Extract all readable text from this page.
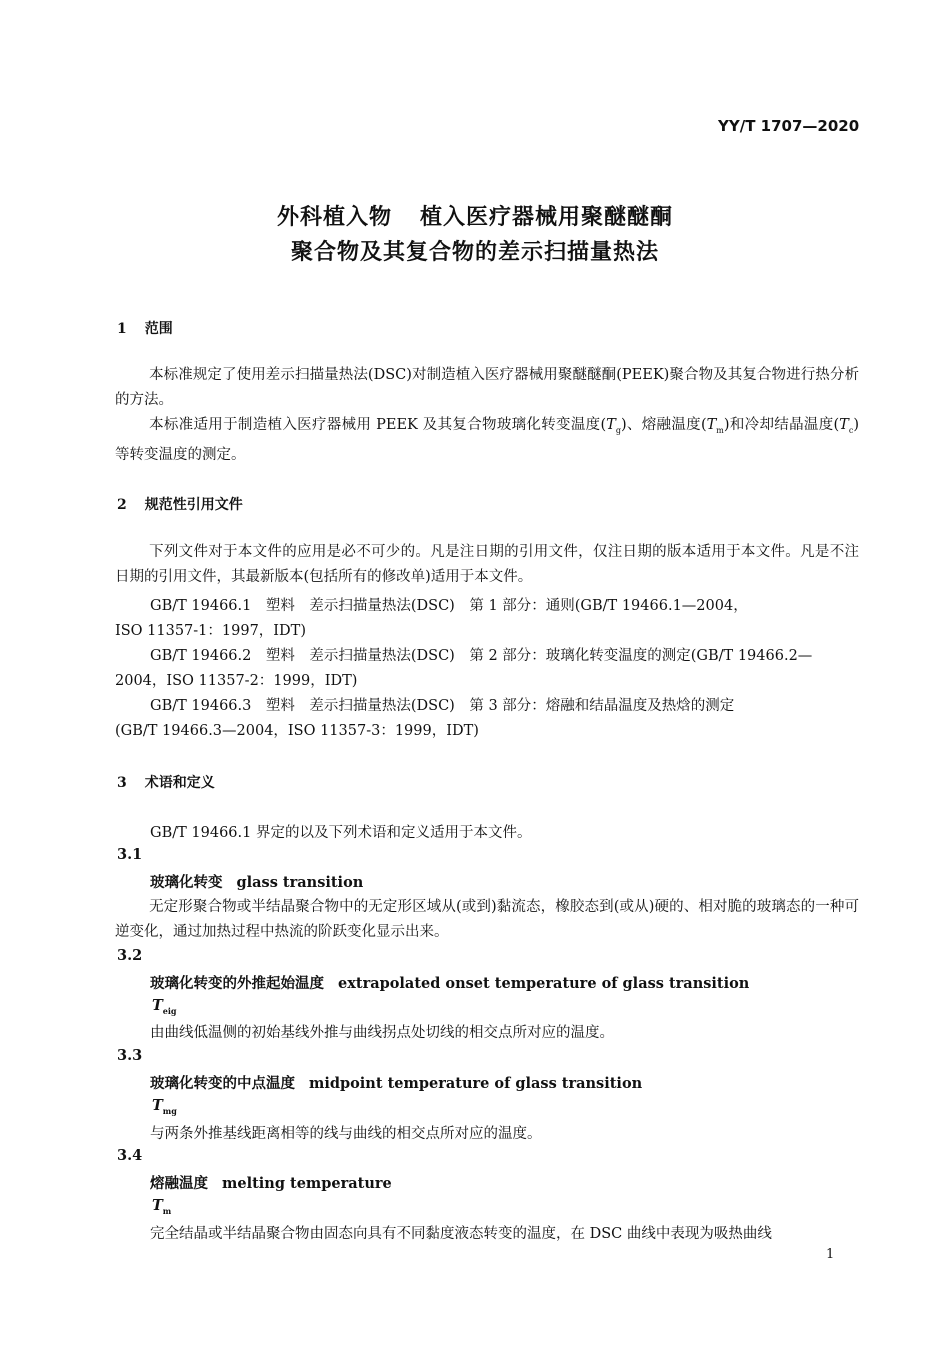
YY/T 1707—2020
外科植入物 植入医疗器械用聚醚醚酮
聚合物及其复合物的差示扫描量热法
1 范围
本标准规定了使用差示扫描量热法(DSC)对制造植入医疗器械用聚醚醚酮(PEEK)聚合物及其复合物进行热分析的方法。
本标准适用于制造植入医疗器械用 PEEK 及其复合物玻璃化转变温度$(T_g)$、熔融温度$(T_m)$和冷却结晶温度$(T_c)$等转变温度的测定。
2 规范性引用文件
下列文件对于本文件的应用是必不可少的。凡是注日期的引用文件，仅注日期的版本适用于本文件。凡是不注日期的引用文件，其最新版本(包括所有的修改单)适用于本文件。
GB/T 19466.1　塑料　差示扫描量热法(DSC)　第 1 部分：通则(GB/T 19466.1—2004，
ISO 11357-1：1997，IDT)
GB/T 19466.2　塑料　差示扫描量热法(DSC)　第 2 部分：玻璃化转变温度的测定(GB/T 19466.2—
2004，ISO 11357-2：1999，IDT)
GB/T 19466.3　塑料　差示扫描量热法(DSC)　第 3 部分：熔融和结晶温度及热焓的测定
(GB/T 19466.3—2004，ISO 11357-3：1999，IDT)
3 术语和定义
GB/T 19466.1 界定的以及下列术语和定义适用于本文件。
3.1
玻璃化转变 glass transition
无定形聚合物或半结晶聚合物中的无定形区域从(或到)黏流态，橡胶态到(或从)硬的、相对脆的玻璃态的一种可逆变化，通过加热过程中热流的阶跃变化显示出来。
3.2
玻璃化转变的外推起始温度 extrapolated onset temperature of glass transition
$T_{eig}$
由曲线低温侧的初始基线外推与曲线拐点处切线的相交点所对应的温度。
3.3
玻璃化转变的中点温度 midpoint temperature of glass transition
$T_{mg}$
与两条外推基线距离相等的线与曲线的相交点所对应的温度。
3.4
熔融温度 melting temperature
$T_m$
完全结晶或半结晶聚合物由固态向具有不同黏度液态转变的温度，在 DSC 曲线中表现为吸热曲线
1
